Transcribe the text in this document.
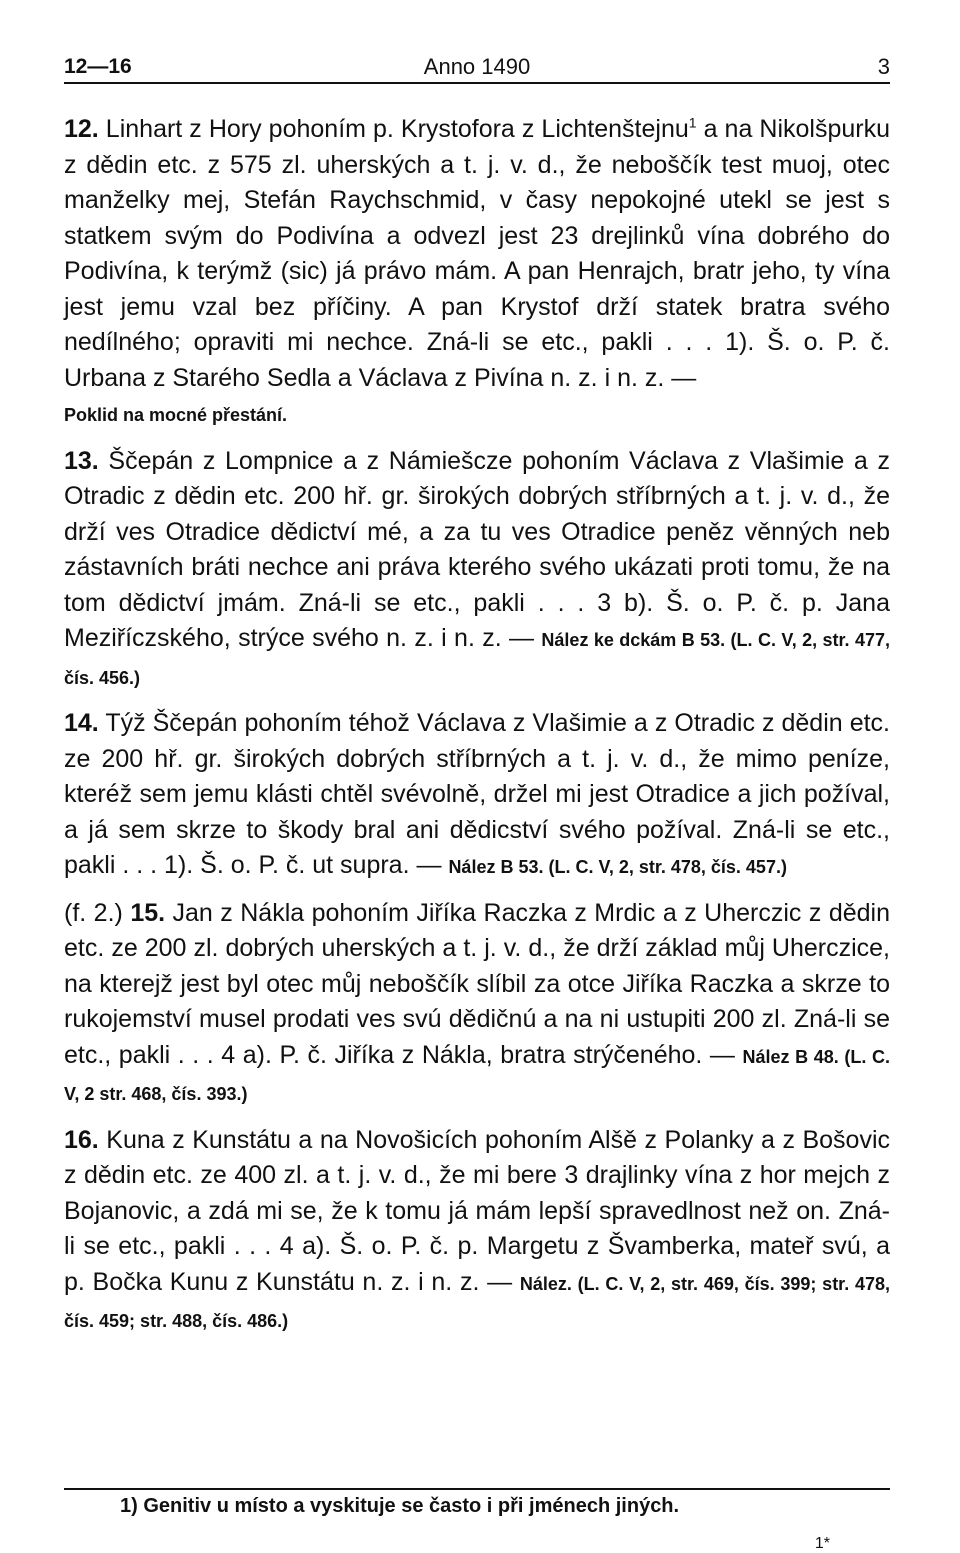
12—16	Anno 1490	3

12. Linhart z Hory pohoním p. Krystofora z Lichtenštejnu$^1$ a na Nikolšpurku z dědin etc. z 575 zl. uherských a t. j. v. d., že neboščík test muoj, otec manželky mej, Stefán Raychschmid, v časy nepokojné utekl se jest s statkem svým do Podivína a odvezl jest 23 drejlinků vína dobrého do Podivína, k terýmž (sic) já právo mám. A pan Henrajch, bratr jeho, ty vína jest jemu vzal bez příčiny. A pan Krystof drží statek bratra svého nedílného; opraviti mi nechce. Zná-li se etc., pakli . . . 1). Š. o. P. č. Urbana z Starého Sedla a Václava z Pivína n. z. i n. z. —
Poklid na mocné přestání.

13. Ščepán z Lompnice a z Námiešcze pohoním Václava z Vlašimie a z Otradic z dědin etc. 200 hř. gr. širokých dobrých stříbrných a t. j. v. d., že drží ves Otradice dědictví mé, a za tu ves Otradice peněz věnných neb zástavních bráti nechce ani práva kterého svého ukázati proti tomu, že na tom dědictví jmám. Zná-li se etc., pakli . . . 3 b). Š. o. P. č. p. Jana Meziříczského, strýce svého n. z. i n. z. — Nález ke dckám B 53. (L. C. V, 2, str. 477, čís. 456.)

14. Týž Ščepán pohoním téhož Václava z Vlašimie a z Otradic z dědin etc. ze 200 hř. gr. širokých dobrých stříbrných a t. j. v. d., že mimo peníze, kteréž sem jemu klásti chtěl svévolně, držel mi jest Otradice a jich požíval, a já sem skrze to škody bral ani dědicství svého požíval. Zná-li se etc., pakli . . . 1). Š. o. P. č. ut supra. — Nález B 53. (L. C. V, 2, str. 478, čís. 457.)

(f. 2.) 15. Jan z Nákla pohoním Jiříka Raczka z Mrdic a z Uherczic z dědin etc. ze 200 zl. dobrých uherských a t. j. v. d., že drží základ můj Uherczice, na kterejž jest byl otec můj neboščík slíbil za otce Jiříka Raczka a skrze to rukojemství musel prodati ves svú dědičnú a na ni ustupiti 200 zl. Zná-li se etc., pakli . . . 4 a). P. č. Jiříka z Nákla, bratra strýčeného. — Nález B 48. (L. C. V, 2 str. 468, čís. 393.)

16. Kuna z Kunstátu a na Novošicích pohoním Alšě z Polanky a z Bošovic z dědin etc. ze 400 zl. a t. j. v. d., že mi bere 3 drajlinky vína z hor mejch z Bojanovic, a zdá mi se, že k tomu já mám lepší spravedlnost než on. Zná-li se etc., pakli . . . 4 a). Š. o. P. č. p. Margetu z Švamberka, mateř svú, a p. Bočka Kunu z Kunstátu n. z. i n. z. — Nález. (L. C. V, 2, str. 469, čís. 399; str. 478, čís. 459; str. 488, čís. 486.)

1) Genitiv u místo a vyskituje se často i při jménech jiných.
1*
